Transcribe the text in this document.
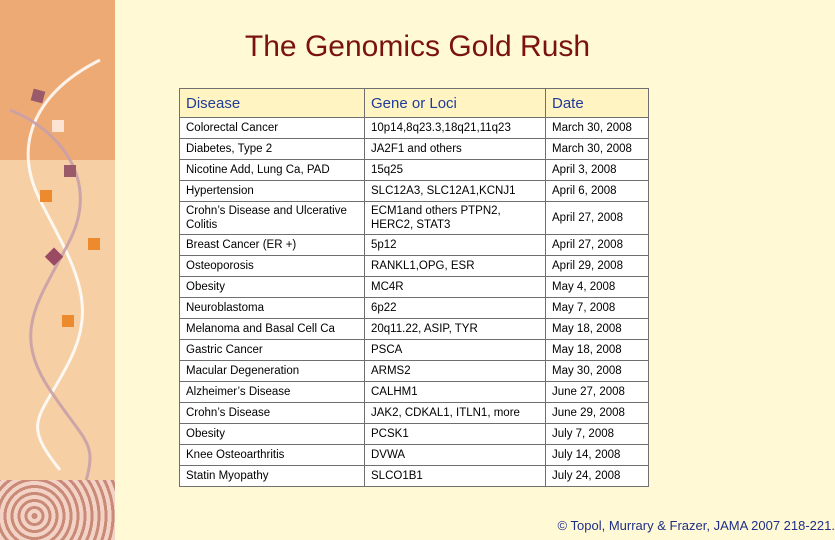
The Genomics Gold Rush
Disease	Gene or Loci	Date
Colorectal Cancer	10p14,8q23.3,18q21,11q23	March 30, 2008
Diabetes, Type 2	JA2F1 and others	March 30, 2008
Nicotine Add, Lung Ca, PAD	15q25	April 3, 2008
Hypertension	SLC12A3, SLC12A1,KCNJ1	April 6, 2008
Crohn’s Disease and Ulcerative Colitis	ECM1and others PTPN2, HERC2, STAT3	April 27, 2008
Breast Cancer (ER +)	5p12	April 27, 2008
Osteoporosis	RANKL1,OPG, ESR	April 29, 2008
Obesity	MC4R	May 4, 2008
Neuroblastoma	6p22	May 7, 2008
Melanoma and Basal Cell Ca	20q11.22, ASIP, TYR	May 18, 2008
Gastric Cancer	PSCA	May 18, 2008
Macular Degeneration	ARMS2	May 30, 2008
Alzheimer’s Disease	CALHM1	June 27, 2008
Crohn’s Disease	JAK2, CDKAL1, ITLN1, more	June 29, 2008
Obesity	PCSK1	July 7, 2008
Knee Osteoarthritis	DVWA	July 14, 2008
Statin Myopathy	SLCO1B1	July 24, 2008
© Topol, Murrary & Frazer, JAMA 2007 218-221.
